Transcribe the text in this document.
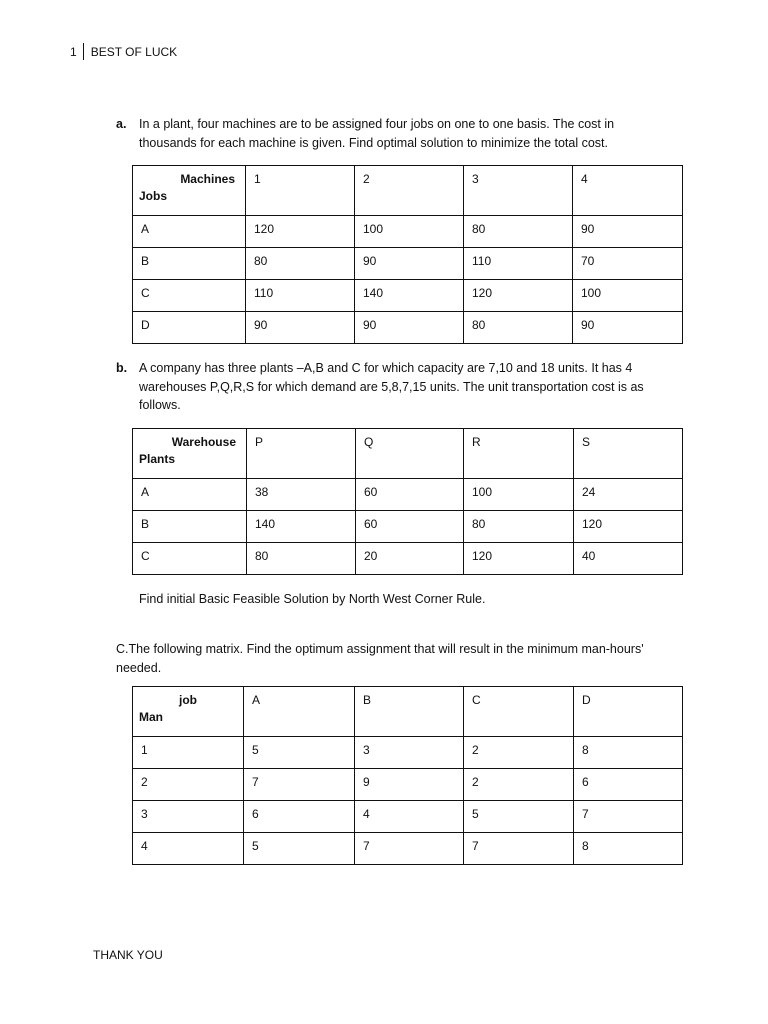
1 BEST OF LUCK
a.	In a plant, four machines are to be assigned four jobs on one to one basis. The cost in thousands for each machine is given. Find optimal solution to minimize the total cost.
Machines
Jobs	1	2	3	4
A	120	100	80	90
B	80	90	110	70
C	110	140	120	100
D	90	90	80	90
b. A company has three plants –A,B and C for which capacity are 7,10 and 18 units. It has 4 warehouses P,Q,R,S for which demand are 5,8,7,15 units. The unit transportation cost is as follows.
Warehouse
Plants	P	Q	R	S
A	38	60	100	24
B	140	60	80	120
C	80	20	120	40
Find initial Basic Feasible Solution by North West Corner Rule.
C.The following matrix. Find the optimum assignment that will result in the minimum man-hours' needed.
job
Man	A	B	C	D
1	5	3	2	8
2	7	9	2	6
3	6	4	5	7
4	5	7	7	8
THANK YOU
